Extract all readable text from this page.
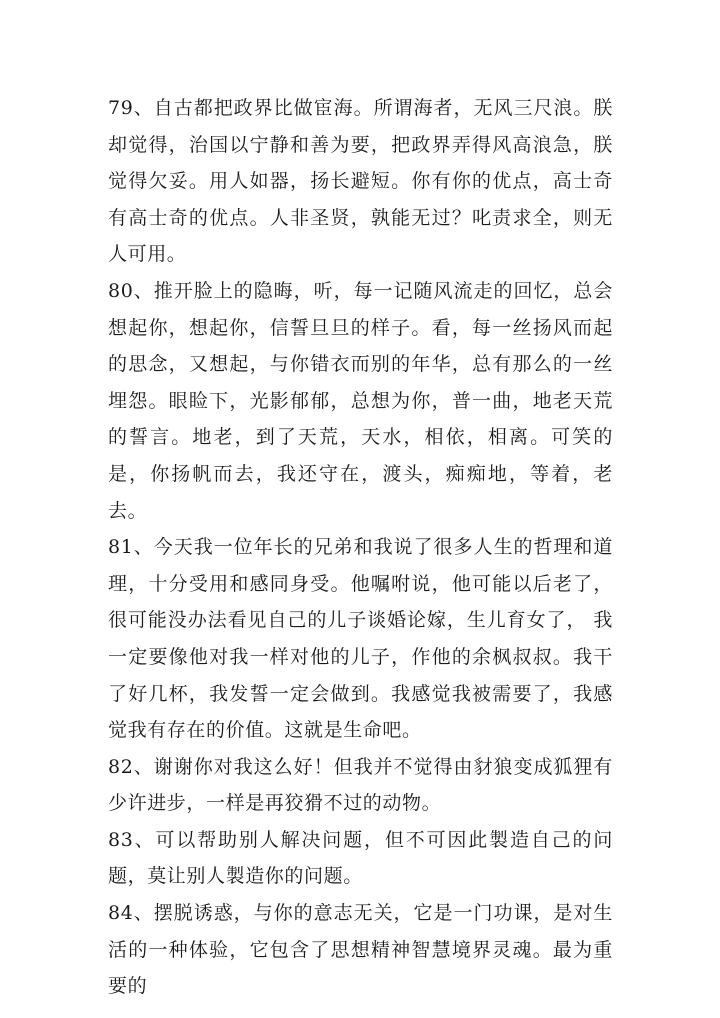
79、自古都把政界比做宦海。所谓海者，无风三尺浪。朕却觉得，治国以宁静和善为要，把政界弄得风高浪急，朕觉得欠妥。用人如器，扬长避短。你有你的优点，高士奇有高士奇的优点。人非圣贤，孰能无过？叱责求全，则无人可用。

80、推开脸上的隐晦，听，每一记随风流走的回忆，总会想起你，想起你，信誓旦旦的样子。看，每一丝扬风而起的思念，又想起，与你错衣而别的年华，总有那么的一丝埋怨。眼睑下，光影郁郁，总想为你，普一曲，地老天荒的誓言。地老，到了天荒，天水，相依，相离。可笑的是，你扬帆而去，我还守在，渡头，痴痴地，等着，老去。

81、今天我一位年长的兄弟和我说了很多人生的哲理和道理，十分受用和感同身受。他嘱咐说，他可能以后老了，很可能没办法看见自己的儿子谈婚论嫁，生儿育女了， 我一定要像他对我一样对他的儿子，作他的余枫叔叔。我干了好几杯，我发誓一定会做到。我感觉我被需要了，我感觉我有存在的价值。这就是生命吧。

82、谢谢你对我这么好！但我并不觉得由豺狼变成狐狸有少许进步，一样是再狡猾不过的动物。

83、可以帮助别人解决问题，但不可因此製造自己的问题，莫让别人製造你的问题。

84、摆脱诱惑，与你的意志无关，它是一门功课，是对生活的一种体验，它包含了思想精神智慧境界灵魂。最为重要的
